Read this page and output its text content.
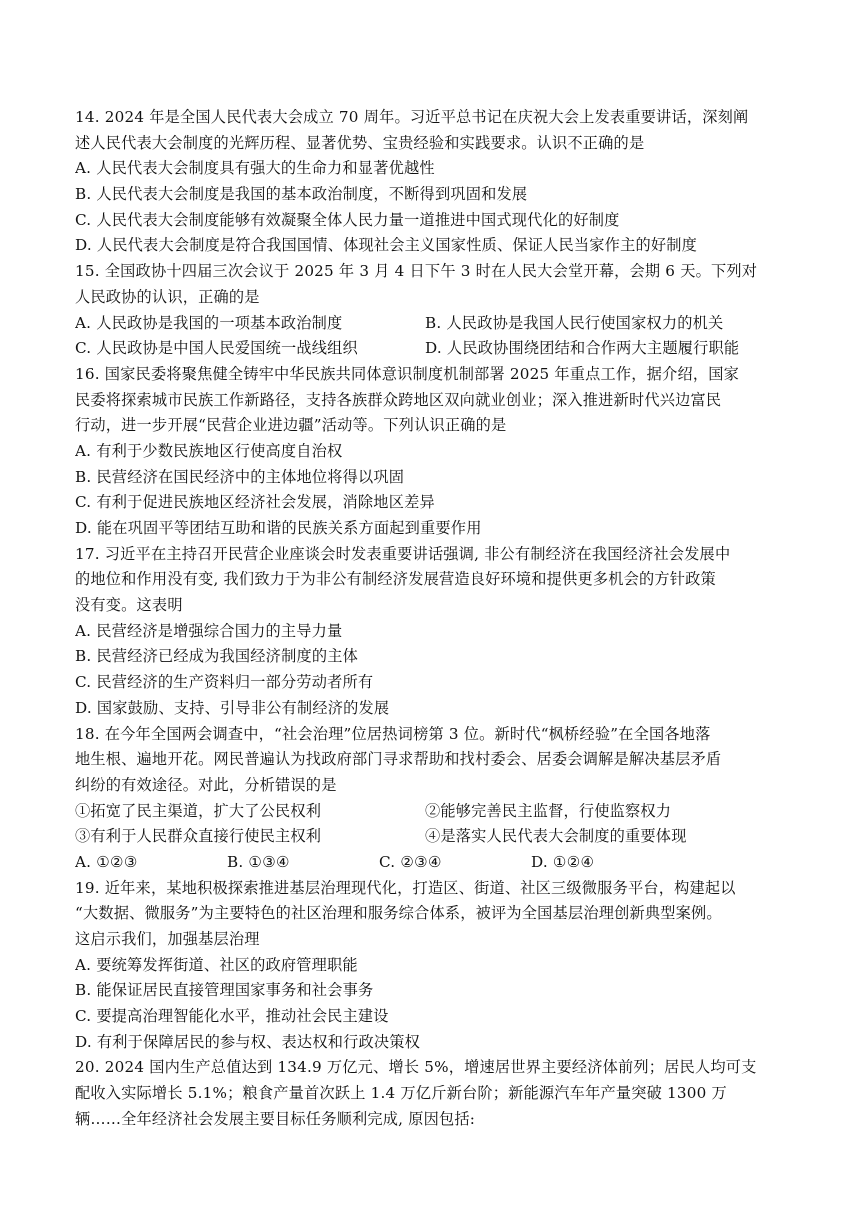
14. 2024 年是全国人民代表大会成立 70 周年。习近平总书记在庆祝大会上发表重要讲话，深刻阐
述人民代表大会制度的光辉历程、显著优势、宝贵经验和实践要求。认识不正确的是
A. 人民代表大会制度具有强大的生命力和显著优越性
B. 人民代表大会制度是我国的基本政治制度，不断得到巩固和发展
C. 人民代表大会制度能够有效凝聚全体人民力量一道推进中国式现代化的好制度
D. 人民代表大会制度是符合我国国情、体现社会主义国家性质、保证人民当家作主的好制度
15. 全国政协十四届三次会议于 2025 年 3 月 4 日下午 3 时在人民大会堂开幕，会期 6 天。下列对
人民政协的认识，正确的是
A. 人民政协是我国的一项基本政治制度	B. 人民政协是我国人民行使国家权力的机关
C. 人民政协是中国人民爱国统一战线组织	D. 人民政协围绕团结和合作两大主题履行职能
16. 国家民委将聚焦健全铸牢中华民族共同体意识制度机制部署 2025 年重点工作，据介绍，国家
民委将探索城市民族工作新路径，支持各族群众跨地区双向就业创业；深入推进新时代兴边富民
行动，进一步开展“民营企业进边疆”活动等。下列认识正确的是
A. 有利于少数民族地区行使高度自治权
B. 民营经济在国民经济中的主体地位将得以巩固
C. 有利于促进民族地区经济社会发展，消除地区差异
D. 能在巩固平等团结互助和谐的民族关系方面起到重要作用
17. 习近平在主持召开民营企业座谈会时发表重要讲话强调, 非公有制经济在我国经济社会发展中
的地位和作用没有变, 我们致力于为非公有制经济发展营造良好环境和提供更多机会的方针政策
没有变。这表明
A. 民营经济是增强综合国力的主导力量
B. 民营经济已经成为我国经济制度的主体
C. 民营经济的生产资料归一部分劳动者所有
D. 国家鼓励、支持、引导非公有制经济的发展
18. 在今年全国两会调查中，“社会治理”位居热词榜第 3 位。新时代“枫桥经验”在全国各地落
地生根、遍地开花。网民普遍认为找政府部门寻求帮助和找村委会、居委会调解是解决基层矛盾
纠纷的有效途径。对此，分析错误的是
①拓宽了民主渠道，扩大了公民权利	②能够完善民主监督，行使监察权力
③有利于人民群众直接行使民主权利	④是落实人民代表大会制度的重要体现
A. ①②③	B. ①③④	C. ②③④	D. ①②④
19. 近年来，某地积极探索推进基层治理现代化，打造区、街道、社区三级微服务平台，构建起以
“大数据、微服务”为主要特色的社区治理和服务综合体系，被评为全国基层治理创新典型案例。
这启示我们，加强基层治理
A. 要统筹发挥街道、社区的政府管理职能
B. 能保证居民直接管理国家事务和社会事务
C. 要提高治理智能化水平，推动社会民主建设
D. 有利于保障居民的参与权、表达权和行政决策权
20. 2024 国内生产总值达到 134.9 万亿元、增长 5%，增速居世界主要经济体前列；居民人均可支
配收入实际增长 5.1%；粮食产量首次跃上 1.4 万亿斤新台阶；新能源汽车年产量突破 1300 万
辆……全年经济社会发展主要目标任务顺利完成, 原因包括:
